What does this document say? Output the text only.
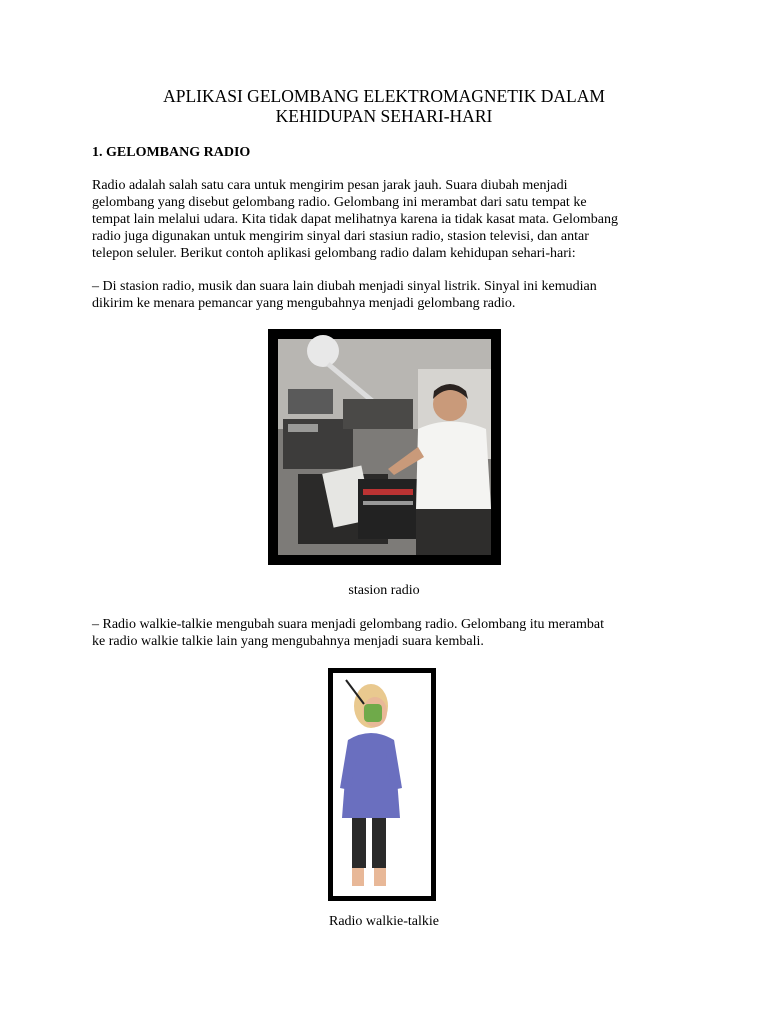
APLIKASI GELOMBANG ELEKTROMAGNETIK DALAM
KEHIDUPAN SEHARI-HARI
1. GELOMBANG RADIO

Radio adalah salah satu cara untuk mengirim pesan jarak jauh. Suara diubah menjadi
gelombang yang disebut gelombang radio. Gelombang ini merambat dari satu tempat ke
tempat lain melalui udara. Kita tidak dapat melihatnya karena ia tidak kasat mata. Gelombang
radio juga digunakan untuk mengirim sinyal dari stasiun radio, stasion televisi, dan antar
telepon seluler. Berikut contoh aplikasi gelombang radio dalam kehidupan sehari-hari:

– Di stasion radio, musik dan suara lain diubah menjadi sinyal listrik. Sinyal ini kemudian
dikirim ke menara pemancar yang mengubahnya menjadi gelombang radio.

stasion radio

– Radio walkie-talkie mengubah suara menjadi gelombang radio. Gelombang itu merambat
ke radio walkie talkie lain yang mengubahnya menjadi suara kembali.

Radio walkie-talkie
